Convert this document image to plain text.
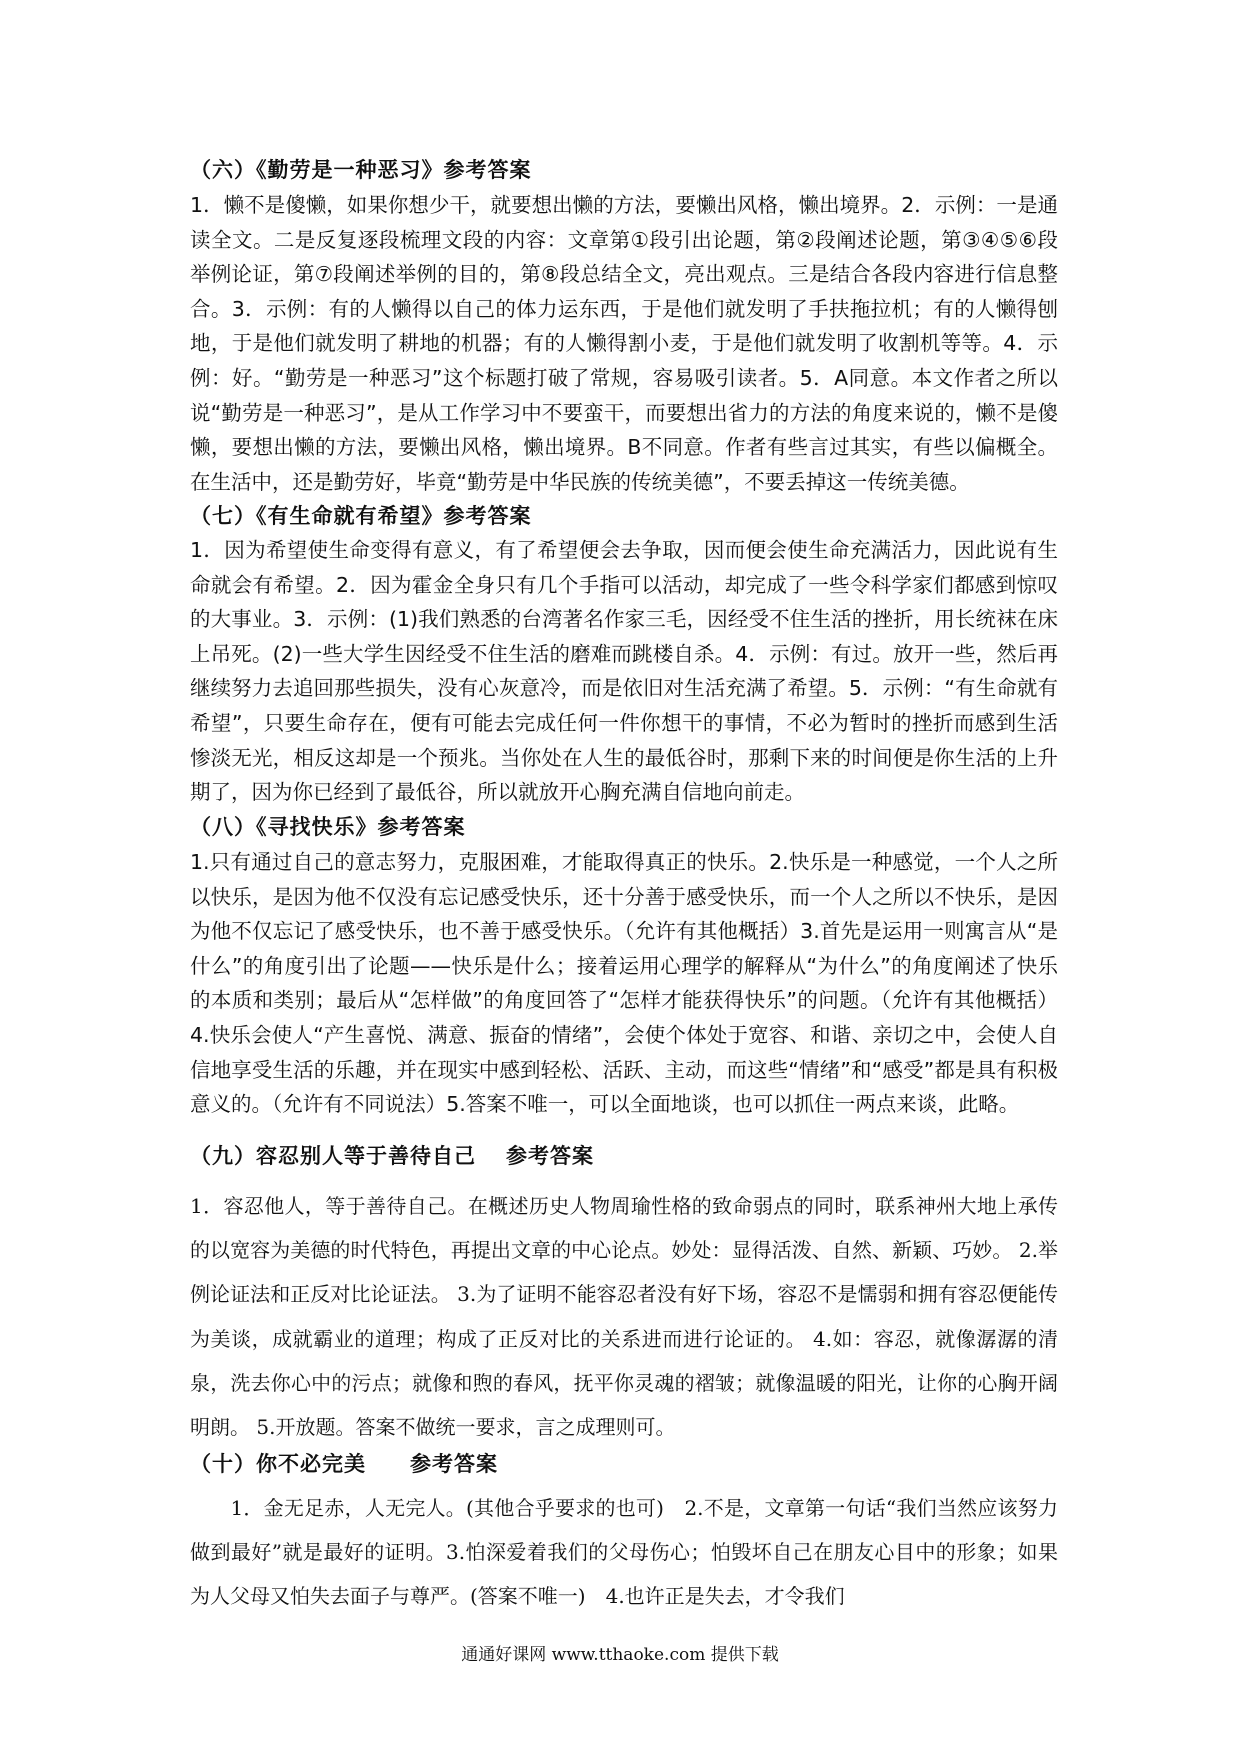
（六）《勤劳是一种恶习》参考答案

1．懒不是傻懒，如果你想少干，就要想出懒的方法，要懒出风格，懒出境界。2．示例：一是通读全文。二是反复逐段梳理文段的内容：文章第①段引出论题，第②段阐述论题，第③④⑤⑥段举例论证，第⑦段阐述举例的目的，第⑧段总结全文，亮出观点。三是结合各段内容进行信息整合。3．示例：有的人懒得以自己的体力运东西，于是他们就发明了手扶拖拉机；有的人懒得刨地，于是他们就发明了耕地的机器；有的人懒得割小麦，于是他们就发明了收割机等等。4．示例：好。“勤劳是一种恶习”这个标题打破了常规，容易吸引读者。5．A同意。本文作者之所以说“勤劳是一种恶习”，是从工作学习中不要蛮干，而要想出省力的方法的角度来说的，懒不是傻懒，要想出懒的方法，要懒出风格，懒出境界。B不同意。作者有些言过其实，有些以偏概全。在生活中，还是勤劳好，毕竟“勤劳是中华民族的传统美德”，不要丢掉这一传统美德。

（七）《有生命就有希望》参考答案

1．因为希望使生命变得有意义，有了希望便会去争取，因而便会使生命充满活力，因此说有生命就会有希望。2．因为霍金全身只有几个手指可以活动，却完成了一些令科学家们都感到惊叹的大事业。3．示例：(1)我们熟悉的台湾著名作家三毛，因经受不住生活的挫折，用长统袜在床上吊死。(2)一些大学生因经受不住生活的磨难而跳楼自杀。4．示例：有过。放开一些，然后再继续努力去追回那些损失，没有心灰意冷，而是依旧对生活充满了希望。5．示例：“有生命就有希望”，只要生命存在，便有可能去完成任何一件你想干的事情，不必为暂时的挫折而感到生活惨淡无光，相反这却是一个预兆。当你处在人生的最低谷时，那剩下来的时间便是你生活的上升期了，因为你已经到了最低谷，所以就放开心胸充满自信地向前走。

（八）《寻找快乐》参考答案

1.只有通过自己的意志努力，克服困难，才能取得真正的快乐。2.快乐是一种感觉，一个人之所以快乐，是因为他不仅没有忘记感受快乐，还十分善于感受快乐，而一个人之所以不快乐，是因为他不仅忘记了感受快乐，也不善于感受快乐。（允许有其他概括）3.首先是运用一则寓言从“是什么”的角度引出了论题——快乐是什么；接着运用心理学的解释从“为什么”的角度阐述了快乐的本质和类别；最后从“怎样做”的角度回答了“怎样才能获得快乐”的问题。（允许有其他概括）4.快乐会使人“产生喜悦、满意、振奋的情绪”，会使个体处于宽容、和谐、亲切之中，会使人自信地享受生活的乐趣，并在现实中感到轻松、活跃、主动，而这些“情绪”和“感受”都是具有积极意义的。（允许有不同说法）5.答案不唯一，可以全面地谈，也可以抓住一两点来谈，此略。

（九）容忍别人等于善待自己 参考答案

1．容忍他人，等于善待自己。在概述历史人物周瑜性格的致命弱点的同时，联系神州大地上承传的以宽容为美德的时代特色，再提出文章的中心论点。妙处：显得活泼、自然、新颖、巧妙。 2.举例论证法和正反对比论证法。 3.为了证明不能容忍者没有好下场，容忍不是懦弱和拥有容忍便能传为美谈，成就霸业的道理；构成了正反对比的关系进而进行论证的。 4.如：容忍，就像潺潺的清泉，洗去你心中的污点；就像和煦的春风，抚平你灵魂的褶皱；就像温暖的阳光，让你的心胸开阔明朗。 5.开放题。答案不做统一要求，言之成理则可。

（十）你不必完美 参考答案

　　1．金无足赤，人无完人。(其他合乎要求的也可)　2.不是，文章第一句话“我们当然应该努力做到最好”就是最好的证明。3.怕深爱着我们的父母伤心；怕毁坏自己在朋友心目中的形象；如果为人父母又怕失去面子与尊严。(答案不唯一)　4.也许正是失去，才令我们

通通好课网 www.tthaoke.com 提供下载
